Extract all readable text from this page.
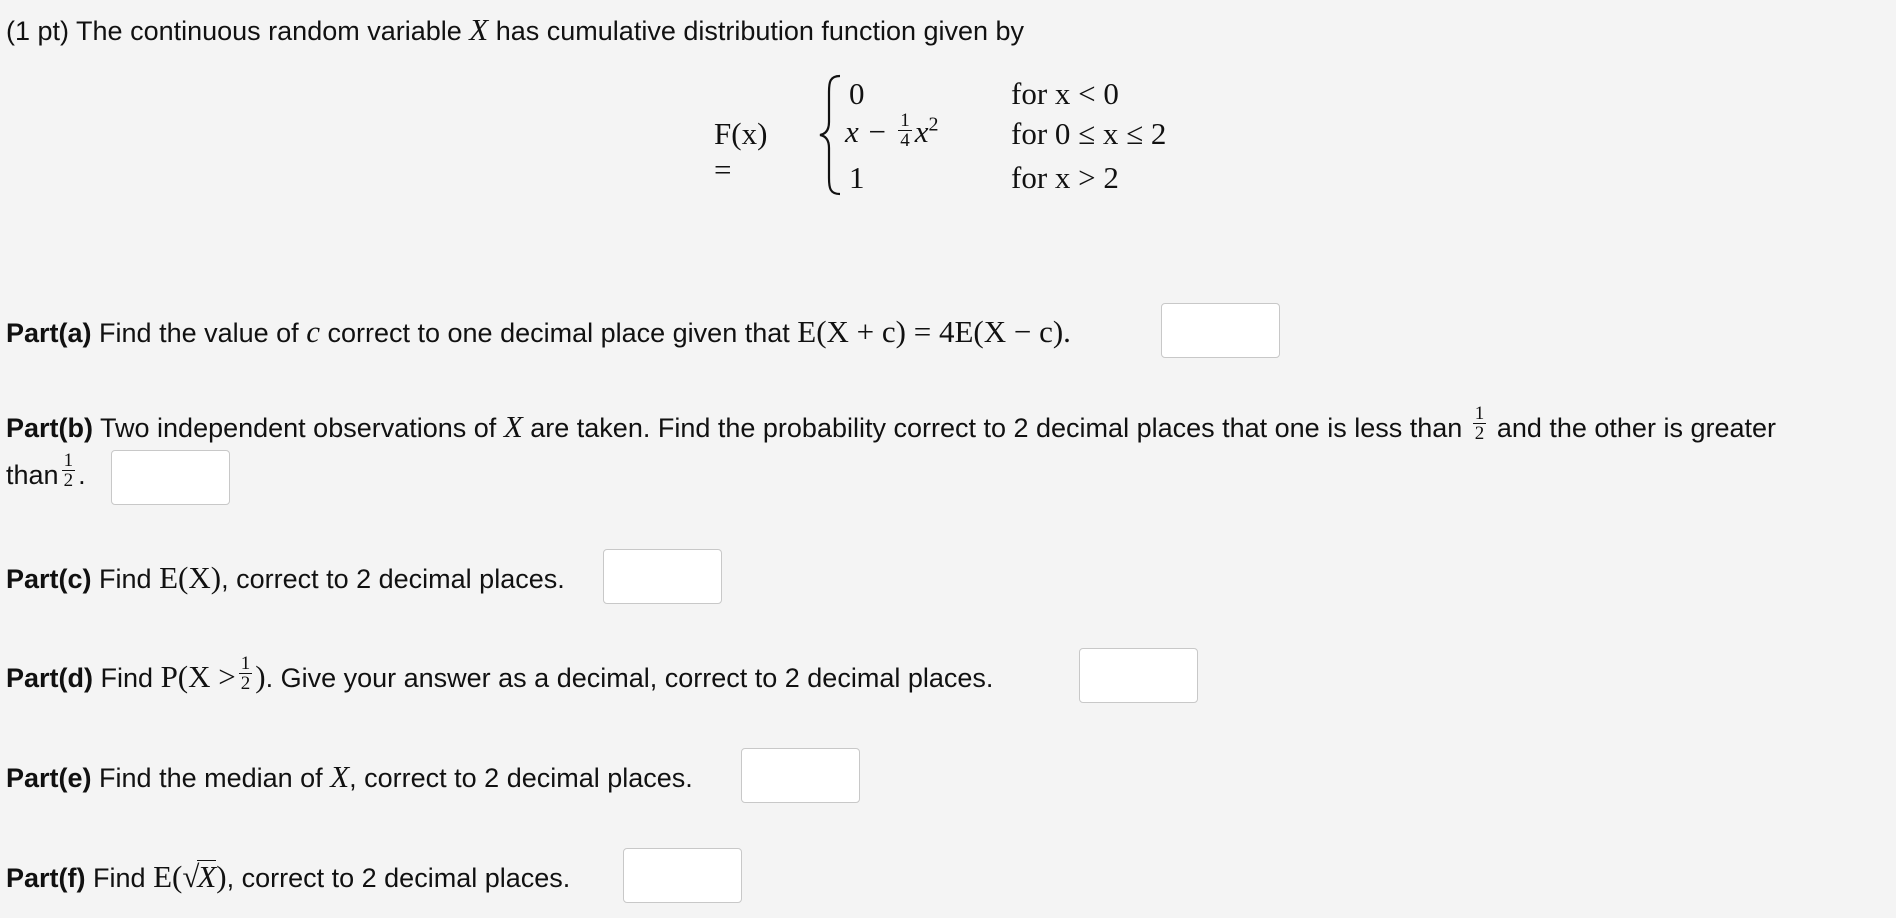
(1 pt) The continuous random variable X has cumulative distribution function given by
F(x) =
0	for x < 0
$x - \frac{1}{4} x^2$ for 0 ≤ x ≤ 2
1	for x > 2
Part(a) Find the value of c correct to one decimal place given that E(X + c) = 4E(X − c).
Part(b) Two independent observations of X are taken. Find the probability correct to 2 decimal places that one is less than $\frac{1}{2}$ and the other is greater
than $\frac{1}{2}$ .
Part(c) Find E(X), correct to 2 decimal places.
Part(d) Find $P(X > \frac{1}{2}$ ). Give your answer as a decimal, correct to 2 decimal places.
Part(e) Find the median of X, correct to 2 decimal places.
Part(f) Find E(√X), correct to 2 decimal places.
